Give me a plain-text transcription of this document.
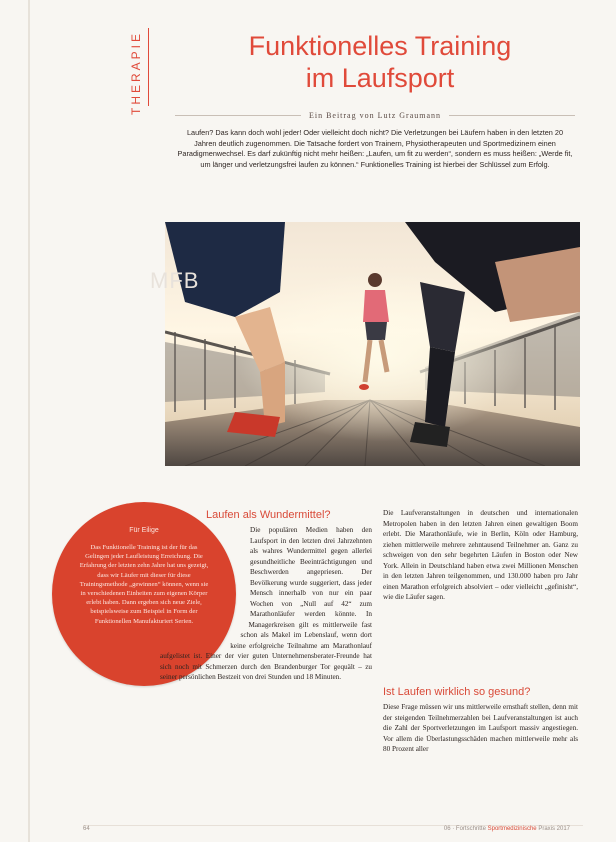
THERAPIE	Funktionelles Training
im Laufsport
Ein Beitrag von Lutz Graumann
Laufen? Das kann doch wohl jeder! Oder vielleicht doch nicht? Die Verletzungen bei Läufern haben in den letzten 20 Jahren deutlich zugenommen. Die Tatsache fordert von Trainern, Physiotherapeuten und Sportmedizinern einen Paradigmenwechsel. Es darf zukünftig nicht mehr heißen: „Laufen, um fit zu werden“, sondern es muss heißen: „Werde fit, um länger und verletzungsfrei laufen zu können.“ Funktionelles Training ist hierbei der Schlüssel zum Erfolg.
MFB
Für Eilige
Das Funktionelle Training ist der für das Gelingen jeder Laufleistung Erreichung. Die Erfahrung der letzten zehn Jahre hat uns gezeigt, dass wir Läufer mit dieser für diese Trainingsmethode „gewinnen“ können, wenn sie in verschiedenen Einheiten zum eigenen Körper erlebt haben. Dann ergeben sich neue Ziele, beispielsweise zum Beispiel in Form der Funktionellen Manufakturiert Serien.
Laufen als Wundermittel?

Die populären Medien haben den Laufsport in den letzten drei Jahrzehnten als wahres Wundermittel gegen allerlei gesundheitliche Beeinträchtigungen und Beschwerden angepriesen. Der Bevölkerung wurde suggeriert, dass jeder Mensch innerhalb von nur ein paar Wochen von „Null auf 42“ zum Marathonläufer werden könnte. In Managerkreisen gilt es mittlerweile fast schon als Makel im Lebenslauf, wenn dort keine erfolgreiche Teilnahme am Marathonlauf aufgelistet ist. Einer der vier guten Unternehmensberater-Freunde hat sich noch mit Schmerzen durch den Brandenburger Tor gequält – zu seiner persönlichen Bestzeit von drei Stunden und 18 Minuten.

Die Laufveranstaltungen in deutschen und internationalen Metropolen haben in den letzten Jahren einen gewaltigen Boom erlebt. Die Marathonläufe, wie in Berlin, Köln oder Hamburg, ziehen mittlerweile mehrere zehntausend Teilnehmer an. Ganz zu schweigen von den sehr begehrten Läufen in Boston oder New York. Allein in Deutschland haben etwa zwei Millionen Menschen in den letzten Jahren teilgenommen, und 130.000 haben pro Jahr einen Marathon erfolgreich absolviert – oder vielleicht „gefinisht“, wie die Läufer sagen.

Ist Laufen wirklich so gesund?

Diese Frage müssen wir uns mittlerweile ernsthaft stellen, denn mit der steigenden Teilnehmerzahlen bei Laufveranstaltungen ist auch die Zahl der Sportverletzungen im Laufsport massiv angestiegen. Vor allem die Überlastungsschäden machen mittlerweile mehr als 80 Prozent aller

64	06 · Fortschritte Sportmedizinische Praxis 2017
